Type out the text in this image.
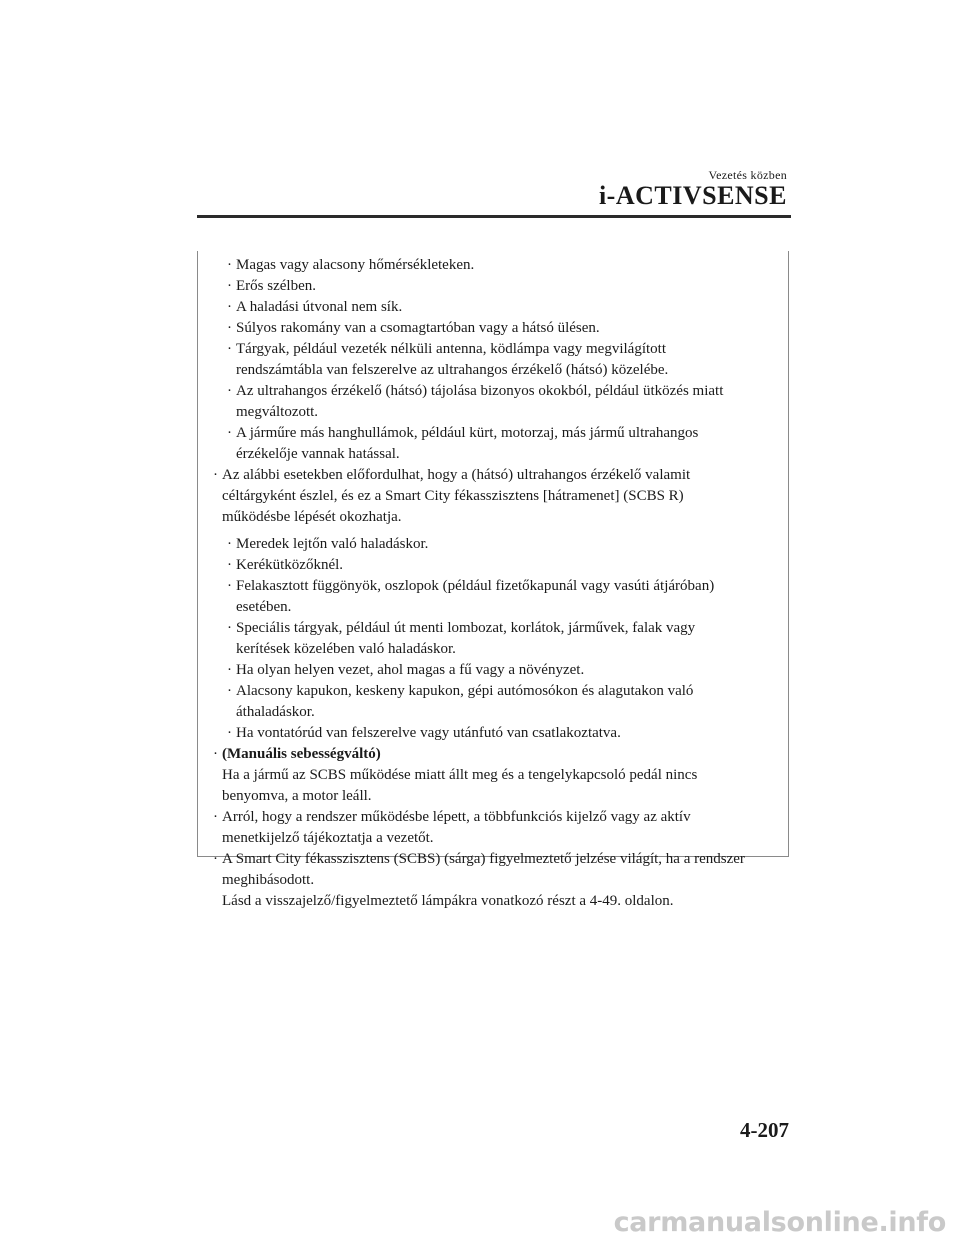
Vezetés közben
i-ACTIVSENSE
· Magas vagy alacsony hőmérsékleteken.
· Erős szélben.
· A haladási útvonal nem sík.
· Súlyos rakomány van a csomagtartóban vagy a hátsó ülésen.
· Tárgyak, például vezeték nélküli antenna, ködlámpa vagy megvilágított
rendszámtábla van felszerelve az ultrahangos érzékelő (hátsó) közelébe.
· Az ultrahangos érzékelő (hátsó) tájolása bizonyos okokból, például ütközés miatt
megváltozott.
· A járműre más hanghullámok, például kürt, motorzaj, más jármű ultrahangos
érzékelője vannak hatással.
· Az alábbi esetekben előfordulhat, hogy a (hátsó) ultrahangos érzékelő valamit
céltárgyként észlel, és ez a Smart City fékasszisztens [hátramenet] (SCBS R)
működésbe lépését okozhatja.
· Meredek lejtőn való haladáskor.
· Kerékütközőknél.
· Felakasztott függönyök, oszlopok (például fizetőkapunál vagy vasúti átjáróban)
esetében.
· Speciális tárgyak, például út menti lombozat, korlátok, járművek, falak vagy
kerítések közelében való haladáskor.
· Ha olyan helyen vezet, ahol magas a fű vagy a növényzet.
· Alacsony kapukon, keskeny kapukon, gépi autómosókon és alagutakon való
áthaladáskor.
· Ha vontatórúd van felszerelve vagy utánfutó van csatlakoztatva.
· (Manuális sebességváltó)
Ha a jármű az SCBS működése miatt állt meg és a tengelykapcsoló pedál nincs
benyomva, a motor leáll.
· Arról, hogy a rendszer működésbe lépett, a többfunkciós kijelző vagy az aktív
menetkijelző tájékoztatja a vezetőt.
· A Smart City fékasszisztens (SCBS) (sárga) figyelmeztető jelzése világít, ha a rendszer
meghibásodott.
Lásd a visszajelző/figyelmeztető lámpákra vonatkozó részt a 4-49. oldalon.
4-207
carmanualsonline.info
